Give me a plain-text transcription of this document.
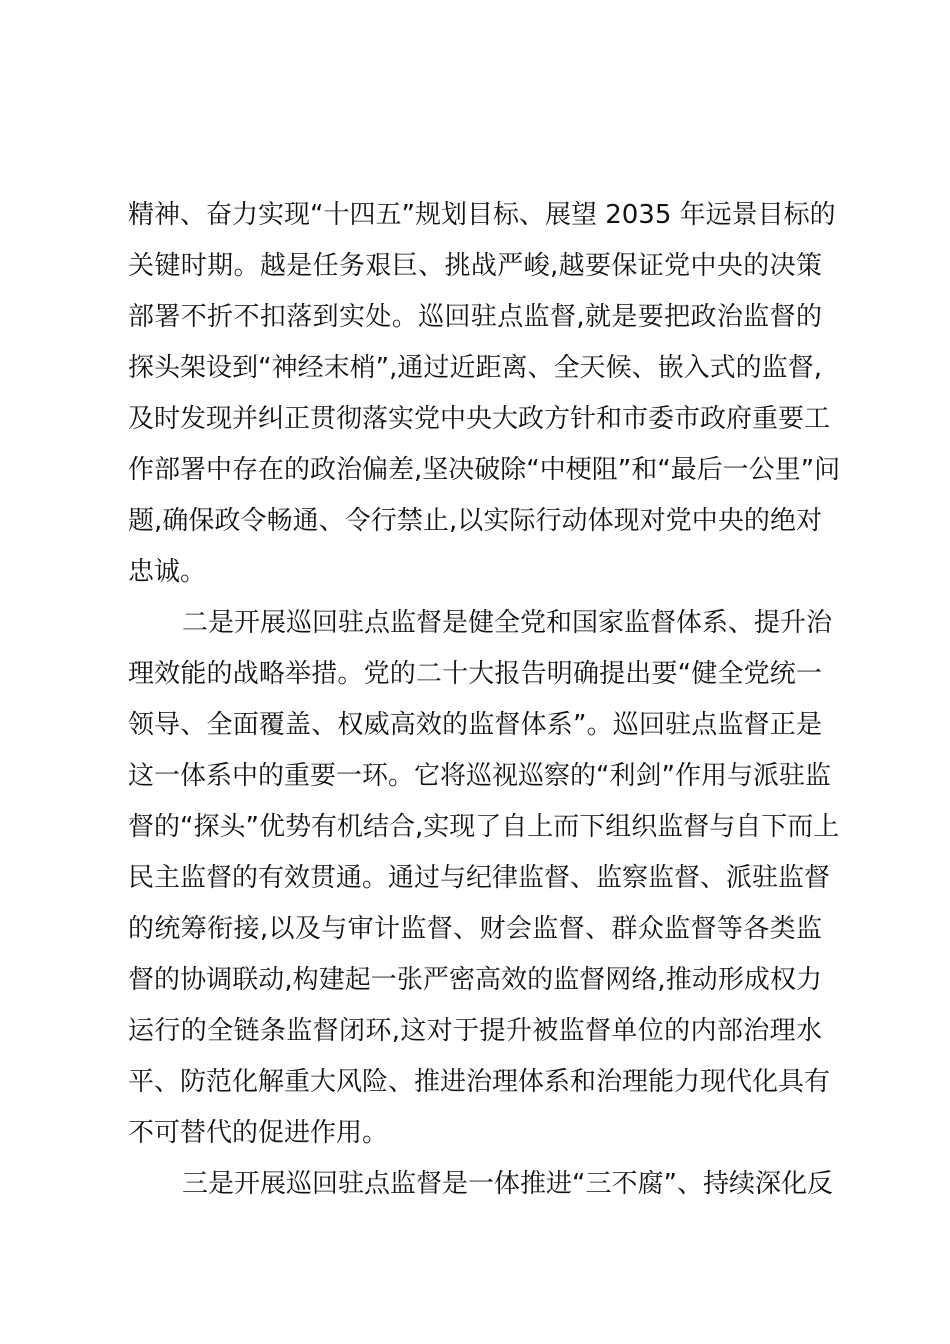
精神、奋力实现“十四五”规划目标、展望 2035 年远景目标的
关键时期。越是任务艰巨、挑战严峻,越要保证党中央的决策
部署不折不扣落到实处。巡回驻点监督,就是要把政治监督的
探头架设到“神经末梢”,通过近距离、全天候、嵌入式的监督,
及时发现并纠正贯彻落实党中央大政方针和市委市政府重要工
作部署中存在的政治偏差,坚决破除“中梗阻”和“最后一公里”问
题,确保政令畅通、令行禁止,以实际行动体现对党中央的绝对
忠诚。
二是开展巡回驻点监督是健全党和国家监督体系、提升治
理效能的战略举措。党的二十大报告明确提出要“健全党统一
领导、全面覆盖、权威高效的监督体系”。巡回驻点监督正是
这一体系中的重要一环。它将巡视巡察的“利剑”作用与派驻监
督的“探头”优势有机结合,实现了自上而下组织监督与自下而上
民主监督的有效贯通。通过与纪律监督、监察监督、派驻监督
的统筹衔接,以及与审计监督、财会监督、群众监督等各类监
督的协调联动,构建起一张严密高效的监督网络,推动形成权力
运行的全链条监督闭环,这对于提升被监督单位的内部治理水
平、防范化解重大风险、推进治理体系和治理能力现代化具有
不可替代的促进作用。
三是开展巡回驻点监督是一体推进“三不腐”、持续深化反
